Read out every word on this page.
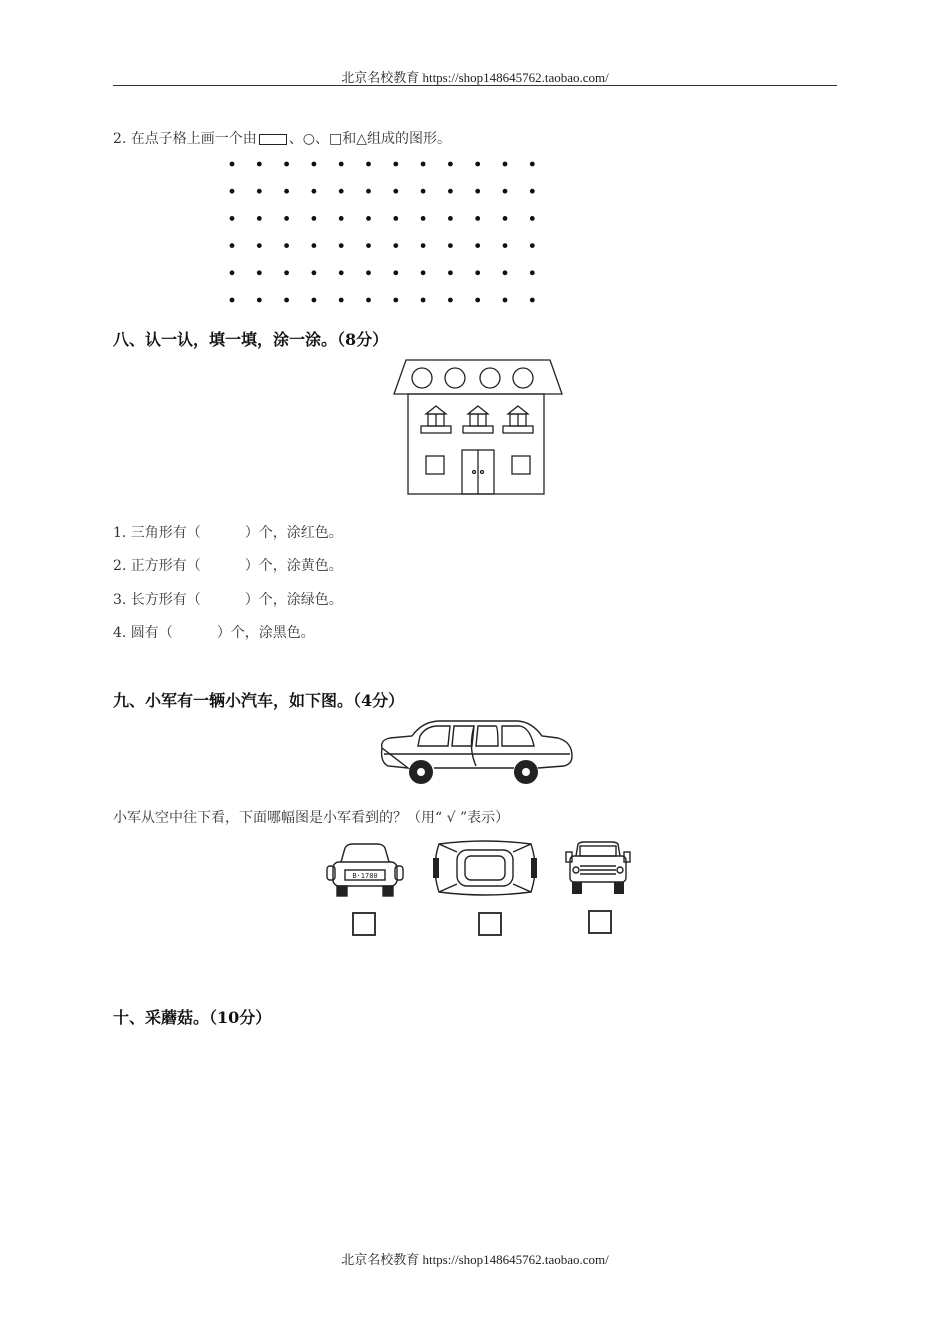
北京名校教育 https://shop148645762.taobao.com/
2. 在点子格上画一个由 、○、□和△组成的图形。
八、认一认，填一填，涂一涂。（8分）
1. 三角形有（	）个，涂红色。
2. 正方形有（	）个，涂黄色。
3. 长方形有（	）个，涂绿色。
4. 圆有（	）个，涂黑色。
九、小军有一辆小汽车，如下图。（4分）
小军从空中往下看，下面哪幅图是小军看到的？（用“ √ ”表示）
B·1780
十、采蘑菇。（10分）
北京名校教育 https://shop148645762.taobao.com/
